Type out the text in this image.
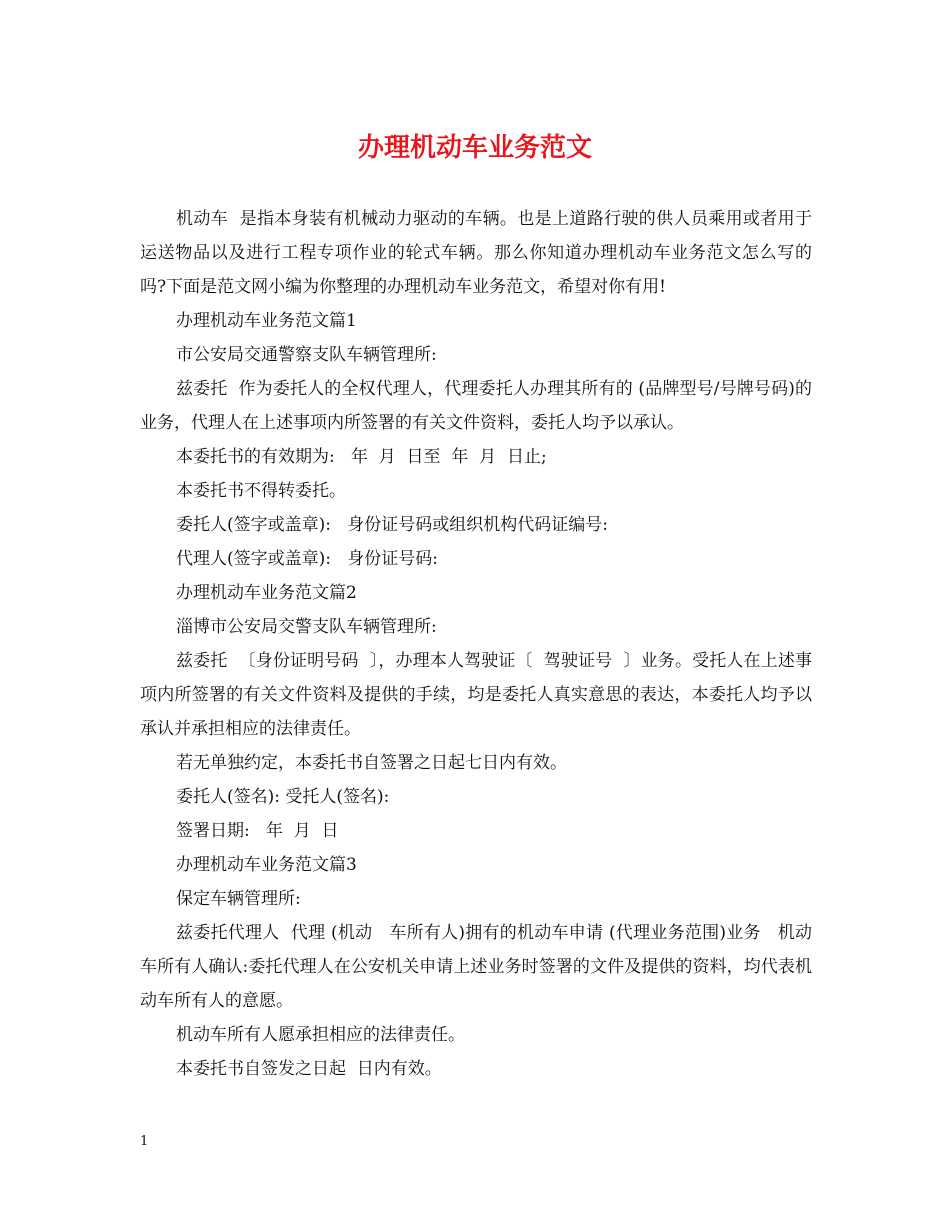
办理机动车业务范文

机动车  是指本身装有机械动力驱动的车辆。也是上道路行驶的供人员乘用或者用于运送物品以及进行工程专项作业的轮式车辆。那么你知道办理机动车业务范文怎么写的吗?下面是范文网小编为你整理的办理机动车业务范文，希望对你有用!

办理机动车业务范文篇1

市公安局交通警察支队车辆管理所:

兹委托  作为委托人的全权代理人，代理委托人办理其所有的 (品牌型号/号牌号码)的业务，代理人在上述事项内所签署的有关文件资料，委托人均予以承认。

本委托书的有效期为:   年  月  日至  年  月  日止;

本委托书不得转委托。

委托人(签字或盖章):   身份证号码或组织机构代码证编号:

代理人(签字或盖章):   身份证号码:

办理机动车业务范文篇2

淄博市公安局交警支队车辆管理所:

兹委托  〔身份证明号码  〕，办理本人驾驶证〔  驾驶证号  〕业务。受托人在上述事项内所签署的有关文件资料及提供的手续，均是委托人真实意思的表达，本委托人均予以承认并承担相应的法律责任。

若无单独约定，本委托书自签署之日起七日内有效。

委托人(签名): 受托人(签名):

签署日期:   年  月  日

办理机动车业务范文篇3

保定车辆管理所:

兹委托代理人  代理 (机动   车所有人)拥有的机动车申请 (代理业务范围)业务   机动车所有人确认:委托代理人在公安机关申请上述业务时签署的文件及提供的资料，均代表机动车所有人的意愿。

机动车所有人愿承担相应的法律责任。

本委托书自签发之日起  日内有效。

1
